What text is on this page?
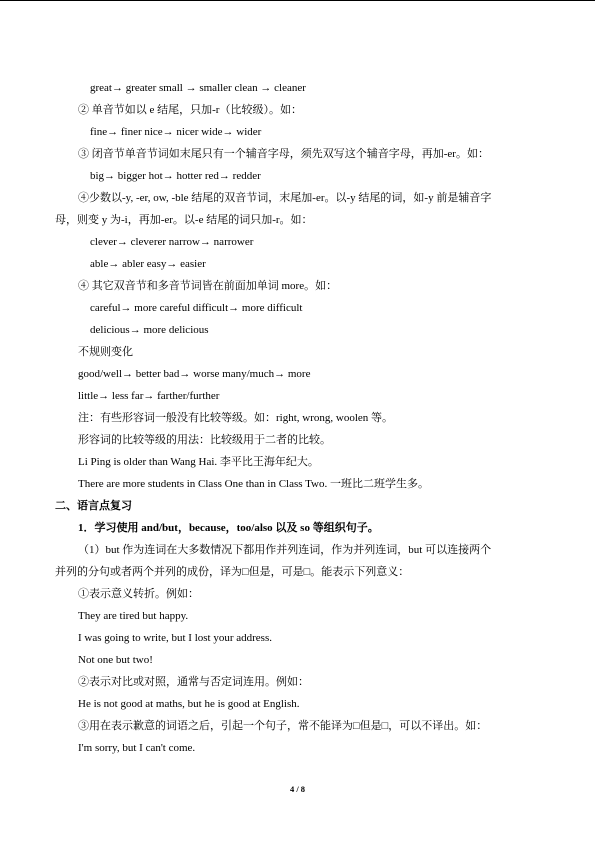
great→ greater small → smaller clean → cleaner
② 单音节如以 e 结尾，只加-r（比较级）。如：
fine→ finer nice→ nicer wide→ wider
③ 闭音节单音节词如末尾只有一个辅音字母，须先双写这个辅音字母，再加-er。如：
big→ bigger hot→ hotter red→ redder
④少数以-y, -er, ow, -ble 结尾的双音节词，末尾加-er。以-y 结尾的词，如-y 前是辅音字
母，则变 y 为-i，再加-er。以-e 结尾的词只加-r。如：
clever→ cleverer narrow→ narrower
able→ abler easy→ easier
④ 其它双音节和多音节词皆在前面加单词 more。如：
careful→ more careful difficult→ more difficult
delicious→ more delicious
不规则变化
good/well→ better bad→ worse many/much→ more
little→ less far→ farther/further
注：有些形容词一般没有比较等级。如：right, wrong, woolen 等。
形容词的比较等级的用法：比较级用于二者的比较。
Li Ping is older than Wang Hai. 李平比王海年纪大。
There are more students in Class One than in Class Two. 一班比二班学生多。
二、语言点复习
1．学习使用 and/but，because，too/also 以及 so 等组织句子。
（1）but 作为连词在大多数情况下都用作并列连词，作为并列连词，but 可以连接两个
并列的分句或者两个并列的成份，译为□但是，可是□。能表示下列意义：
①表示意义转折。例如：
They are tired but happy.
I was going to write, but I lost your address.
Not one but two!
②表示对比或对照，通常与否定词连用。例如：
He is not good at maths, but he is good at English.
③用在表示歉意的词语之后，引起一个句子，常不能译为□但是□，可以不译出。如：
I'm sorry, but I can't come.
4 / 8
